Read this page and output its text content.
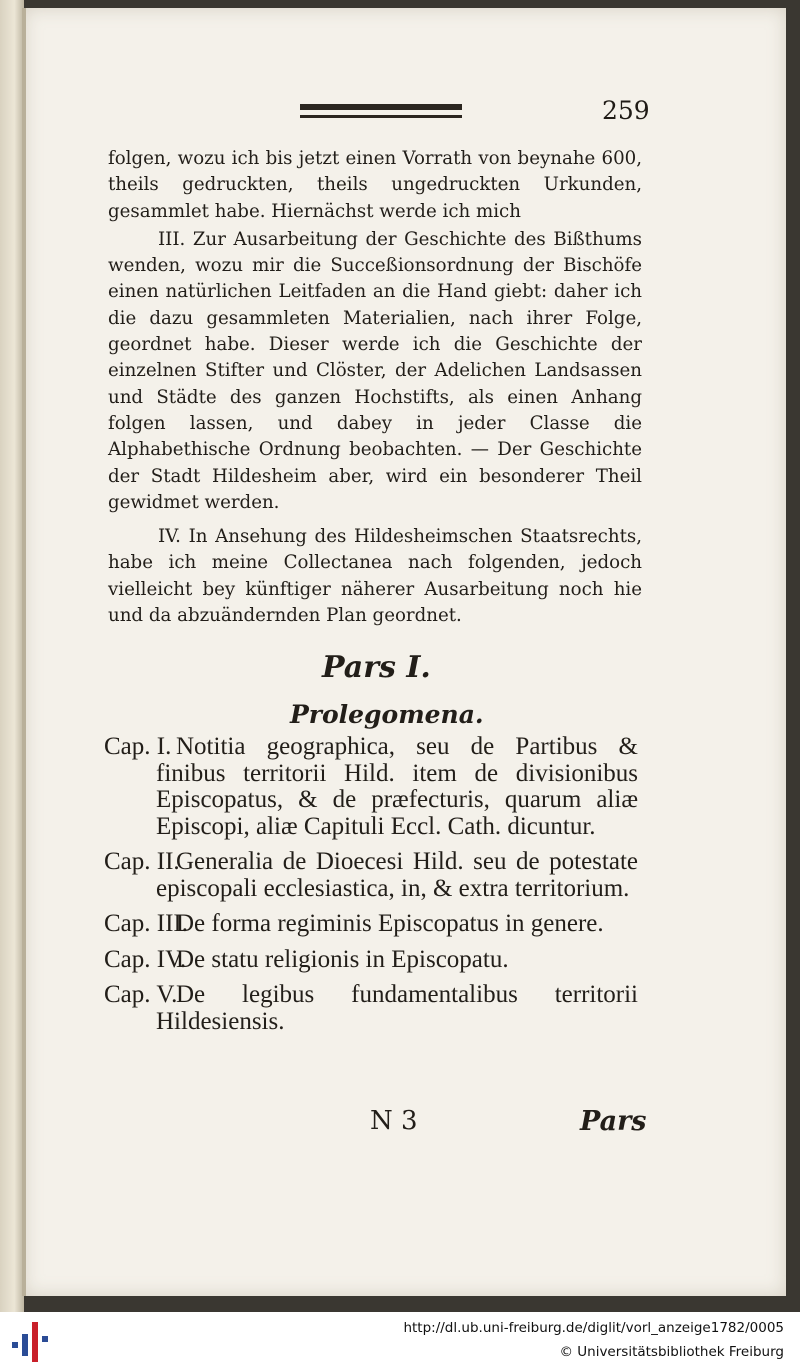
259

folgen, wozu ich bis jetzt einen Vorrath von beynahe 600, theils gedruckten, theils ungedruckten Urkunden, gesammlet habe. Hiernächst werde ich mich

III. Zur Ausarbeitung der Geschichte des Bißthums wenden, wozu mir die Succeßionsordnung der Bischöfe einen natürlichen Leitfaden an die Hand giebt: daher ich die dazu gesammleten Materialien, nach ihrer Folge, geordnet habe. Dieser werde ich die Geschichte der einzelnen Stifter und Clöster, der Adelichen Landsassen und Städte des ganzen Hochstifts, als einen Anhang folgen lassen, und dabey in jeder Classe die Alphabethische Ordnung beobachten. — Der Geschichte der Stadt Hildesheim aber, wird ein besonderer Theil gewidmet werden.

IV. In Ansehung des Hildesheimschen Staatsrechts, habe ich meine Collectanea nach folgenden, jedoch vielleicht bey künftiger näherer Ausarbeitung noch hie und da abzuändernden Plan geordnet.

Pars I.
Prolegomena.
Cap. I. Notitia geographica, seu de Partibus & finibus territorii Hild. item de divisionibus Episcopatus, & de præfecturis, quarum aliæ Episcopi, aliæ Capituli Eccl. Cath. dicuntur.
Cap. II.
Generalia de Dioecesi Hild. seu de potestate episcopali ecclesiastica, in, & extra territorium.
Cap. III.
De forma regiminis Episcopatus in genere.
Cap. IV.
De statu religionis in Episcopatu.
Cap. V.
De legibus fundamentalibus territorii Hildesiensis.
N 3	Pars
http://dl.ub.uni-freiburg.de/diglit/vorl_anzeige1782/0005
© Universitätsbibliothek Freiburg
